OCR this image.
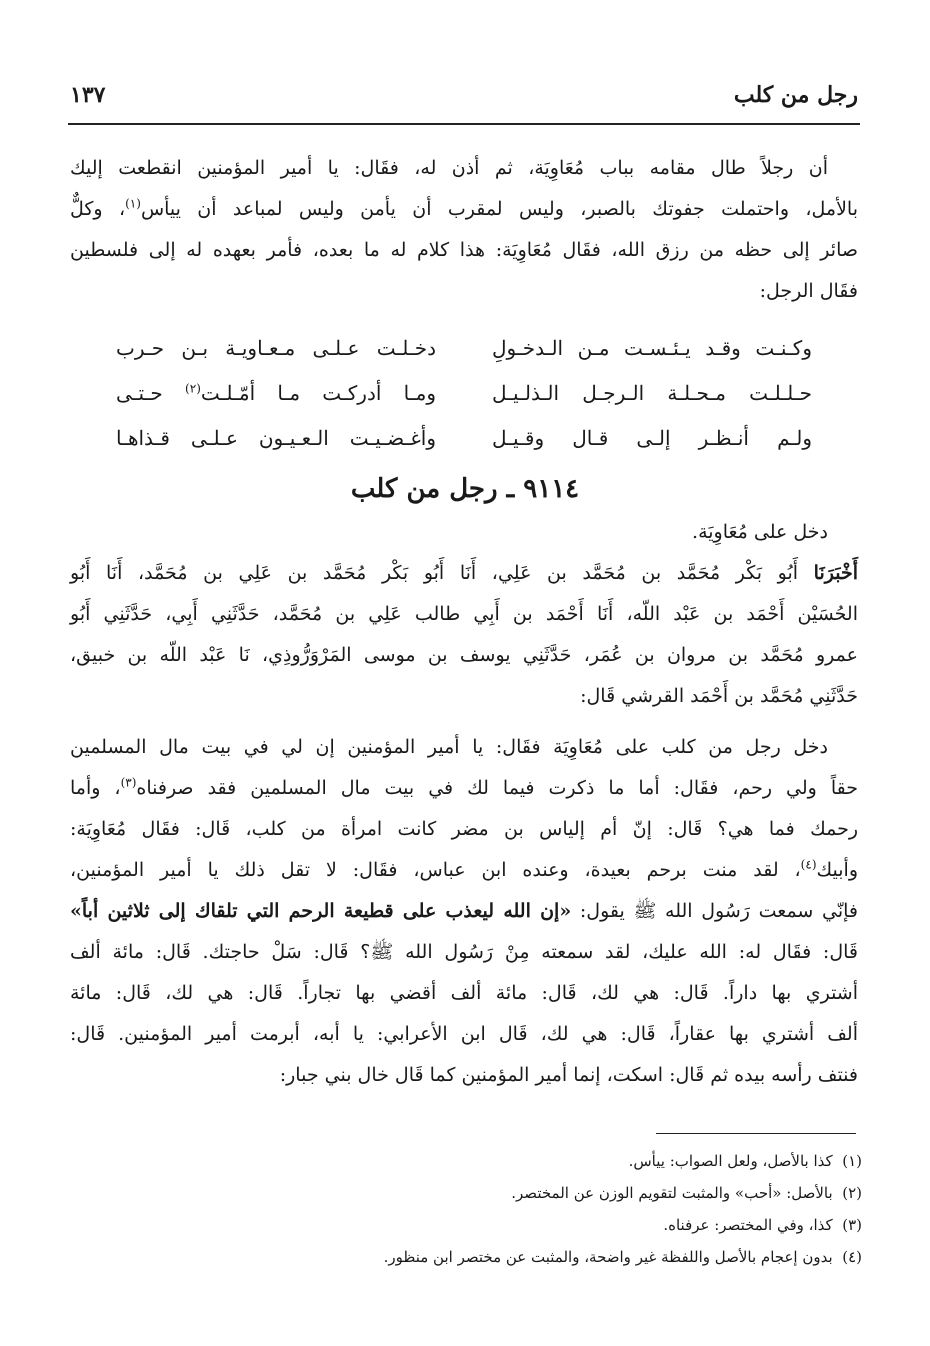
رجل من كلب
١٣٧
أن رجلاً طال مقامه بباب مُعَاوِيَة، ثم أذن له، فقَال: يا أمير المؤمنين انقطعت إليك
بالأمل، واحتملت جفوتك بالصبر، وليس لمقرب أن يأمن وليس لمباعد أن ييأس$^{(١)}$، وكلٌّ
صائر إلى حظه من رزق الله، فقَال مُعَاوِيَة: هذا كلام له ما بعده، فأمر بعهده له إلى فلسطين
فقَال الرجل:
دخـلـت عـلـى مـعـاويـة بـن حـرب	وكـنـت وقـد يـئـسـت مـن الـدخـولِ
ومـا أدركـت مـا أمّـلـت$^{(٢)}$ حـتـى	حـلـلـت مـحـلـة الـرجـل الـذلـيـل
وأغـضـيـت الـعـيـون عـلـى قـذاهـا	ولـم أنـظـر إلـى قـال وقـيـل
٩١١٤ ـ رجل من كلب
دخل على مُعَاوِيَة.
أَخْبَرَنَا أَبُو بَكْر مُحَمَّد بن مُحَمَّد بن عَلِي، أَنَا أَبُو بَكْر مُحَمَّد بن عَلِي بن مُحَمَّد، أَنَا أَبُو
الحُسَيْن أَحْمَد بن عَبْد اللّه، أَنَا أَحْمَد بن أَبِي طالب عَلِي بن مُحَمَّد، حَدَّثَنِي أَبِي، حَدَّثَنِي أَبُو
عمرو مُحَمَّد بن مروان بن عُمَر، حَدَّثَنِي يوسف بن موسى المَرْوَرُّوذِي، نَا عَبْد اللّه بن خبيق،
حَدَّثَنِي مُحَمَّد بن أَحْمَد القرشي قَال:
دخل رجل من كلب على مُعَاوِيَة فقَال: يا أمير المؤمنين إن لي في بيت مال المسلمين
حقاً ولي رحم، فقَال: أما ما ذكرت فيما لك في بيت مال المسلمين فقد صرفناه$^{(٣)}$، وأما
رحمك فما هي؟ قَال: إنّ أم إلياس بن مضر كانت امرأة من كلب، قَال: فقَال مُعَاوِيَة:
وأبيك$^{(٤)}$، لقد منت برحم بعيدة، وعنده ابن عباس، فقَال: لا تقل ذلك يا أمير المؤمنين،
فإنّي سمعت رَسُول الله ﷺ يقول: «إن الله ليعذب على قطيعة الرحم التي تلقاك إلى ثلاثين أباً»
قَال: فقَال له: الله عليك، لقد سمعته مِنْ رَسُول الله ﷺ؟ قَال: سَلْ حاجتك. قَال: مائة ألف
أشتري بها داراً. قَال: هي لك، قَال: مائة ألف أقضي بها تجاراً. قَال: هي لك، قَال: مائة
ألف أشتري بها عقاراً، قَال: هي لك، قَال ابن الأعرابي: يا أبه، أبرمت أمير المؤمنين. قَال:
فنتف رأسه بيده ثم قَال: اسكت، إنما أمير المؤمنين كما قَال خال بني جبار:
(١)  كذا بالأصل، ولعل الصواب: ييأس.
(٢)  بالأصل: «أحب» والمثبت لتقويم الوزن عن المختصر.
(٣)  كذا، وفي المختصر: عرفناه.
(٤)  بدون إعجام بالأصل واللفظة غير واضحة، والمثبت عن مختصر ابن منظور.
